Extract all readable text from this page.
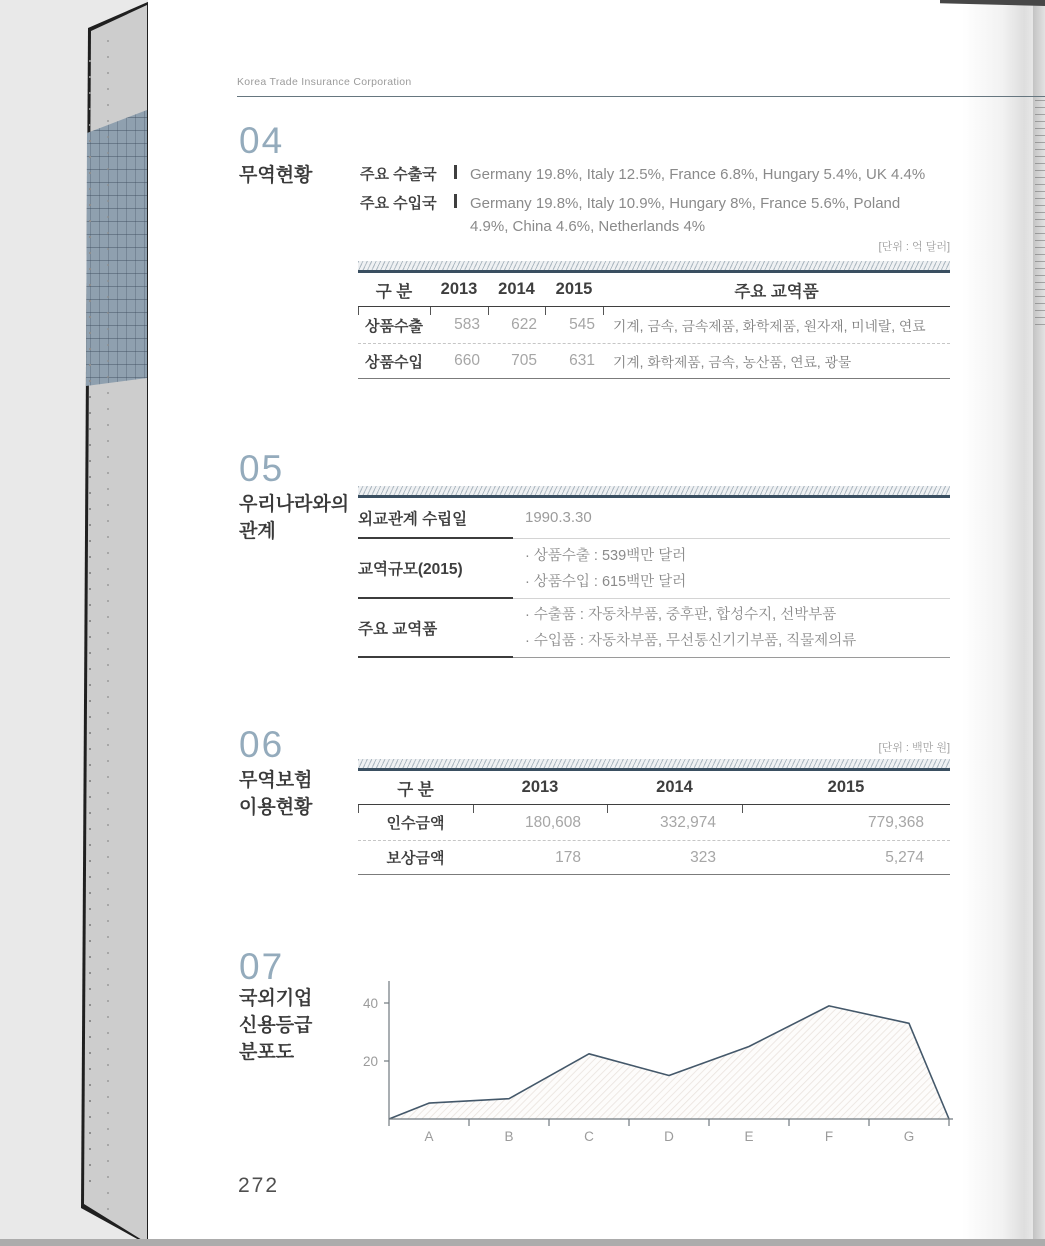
Korea Trade Insurance Corporation
04
무역현황	주요 수출국	Germany 19.8%, Italy 12.5%, France 6.8%, Hungary 5.4%, UK 4.4%
주요 수입국	Germany 19.8%, Italy 10.9%, Hungary 8%, France 5.6%, Poland
4.9%, China 4.6%, Netherlands 4%
[단위 : 억 달러]
구 분	2013	2014	2015	주요 교역품
상품수출	583	622	545	기계, 금속, 금속제품, 화학제품, 원자재, 미네랄, 연료
상품수입	660	705	631	기계, 화학제품, 금속, 농산품, 연료, 광물
05
우리나라와의
관계
외교관계 수립일	1990.3.30
교역규모(2015)
· 상품수출 : 539백만 달러
· 상품수입 : 615백만 달러
주요 교역품
· 수출품 : 자동차부품, 중후판, 합성수지, 선박부품
· 수입품 : 자동차부품, 무선통신기기부품, 직물제의류
06
무역보험
이용현황
[단위 : 백만 원]
구 분	2013	2014	2015
인수금액	180,608	332,974	779,368
보상금액	178	323	5,274
07
국외기업
신용등급
분포도
A	B	C	D	E	F	G
20
40
272
